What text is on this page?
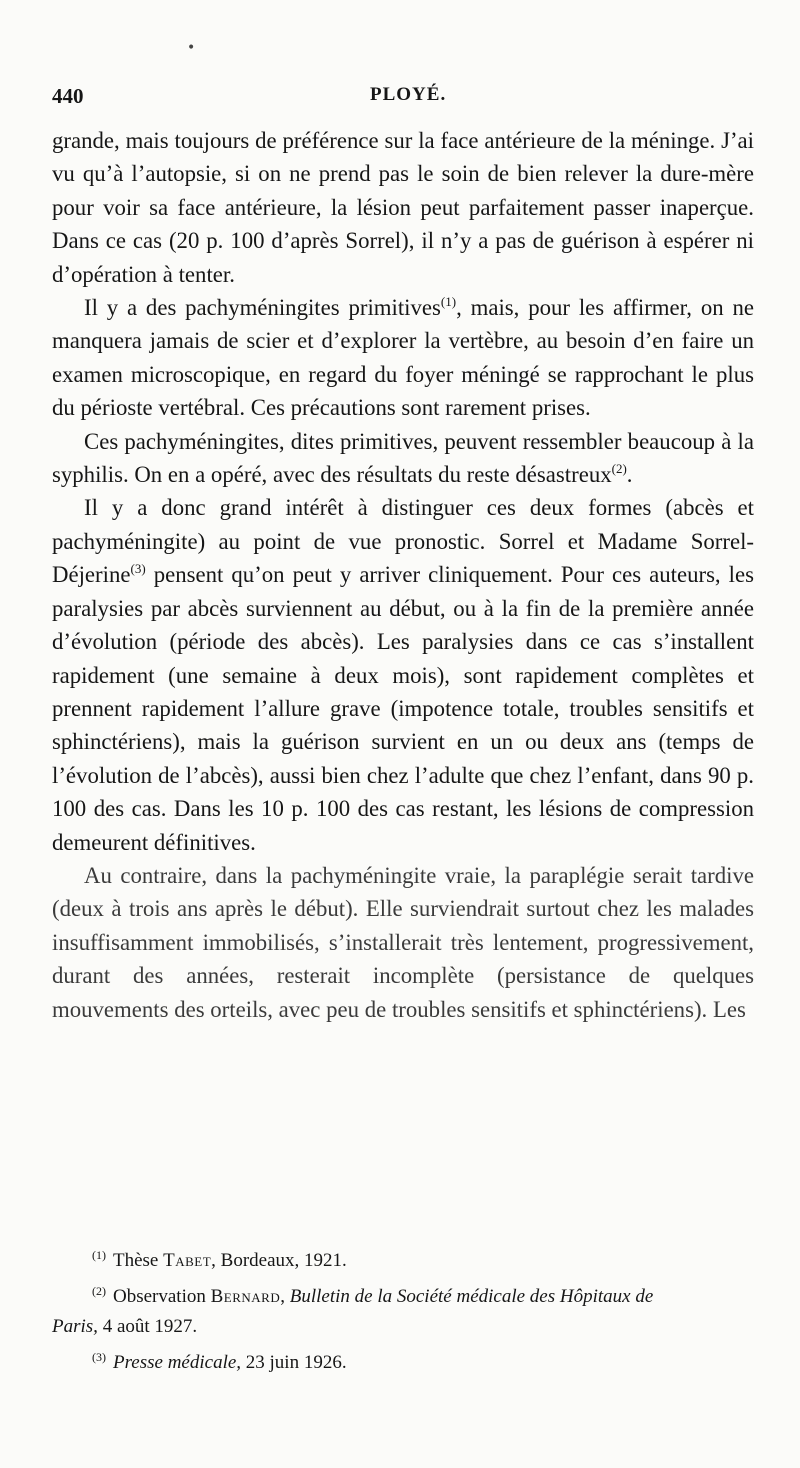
•
440	PLOYÉ.

grande, mais toujours de préférence sur la face antérieure de la méninge. J’ai vu qu’à l’autopsie, si on ne prend pas le soin de bien relever la dure-mère pour voir sa face antérieure, la lésion peut parfaitement passer inaperçue. Dans ce cas (20 p. 100 d’après Sorrel), il n’y a pas de guérison à espérer ni d’opération à tenter.

Il y a des pachyméningites primitives$^{(1)}$, mais, pour les affirmer, on ne manquera jamais de scier et d’explorer la vertèbre, au besoin d’en faire un examen microscopique, en regard du foyer méningé se rapprochant le plus du périoste vertébral. Ces précautions sont rarement prises.

Ces pachyméningites, dites primitives, peuvent ressembler beaucoup à la syphilis. On en a opéré, avec des résultats du reste désastreux$^{(2)}$.

Il y a donc grand intérêt à distinguer ces deux formes (abcès et pachyméningite) au point de vue pronostic. Sorrel et Madame Sorrel-Déjerine$^{(3)}$ pensent qu’on peut y arriver cliniquement. Pour ces auteurs, les paralysies par abcès surviennent au début, ou à la fin de la première année d’évolution (période des abcès). Les paralysies dans ce cas s’installent rapidement (une semaine à deux mois), sont rapidement complètes et prennent rapidement l’allure grave (impotence totale, troubles sensitifs et sphinctériens), mais la guérison survient en un ou deux ans (temps de l’évolution de l’abcès), aussi bien chez l’adulte que chez l’enfant, dans 90 p. 100 des cas. Dans les 10 p. 100 des cas restant, les lésions de compression demeurent définitives.

Au contraire, dans la pachyméningite vraie, la paraplégie serait tardive (deux à trois ans après le début). Elle surviendrait surtout chez les malades insuffisamment immobilisés, s’installerait très lentement, progressivement, durant des années, resterait incomplète (persistance de quelques mouvements des orteils, avec peu de troubles sensitifs et sphinctériens). Les

$^{(1)}$ Thèse Tabet, Bordeaux, 1921.

$^{(2)}$ Observation Bernard, Bulletin de la Société médicale des Hôpitaux de
Paris, 4 août 1927.

$^{(3)}$ Presse médicale, 23 juin 1926.
